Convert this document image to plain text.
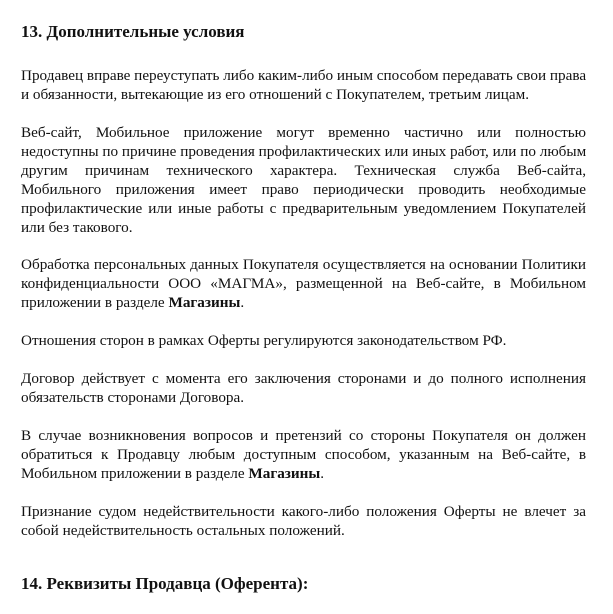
13. Дополнительные условия

Продавец вправе переуступать либо каким-либо иным способом передавать свои права
и обязанности, вытекающие из его отношений с Покупателем, третьим лицам.

Веб-сайт, Мобильное приложение могут временно частично или полностью
недоступны по причине проведения профилактических или иных работ, или по любым
другим причинам технического характера. Техническая служба Веб-сайта,
Мобильного приложения имеет право периодически проводить необходимые
профилактические или иные работы с предварительным уведомлением Покупателей
или без такового.

Обработка персональных данных Покупателя осуществляется на основании Политики
конфиденциальности ООО «МАГМА», размещенной на Веб-сайте, в Мобильном
приложении в разделе Магазины.

Отношения сторон в рамках Оферты регулируются законодательством РФ.

Договор действует с момента его заключения сторонами и до полного исполнения
обязательств сторонами Договора.

В случае возникновения вопросов и претензий со стороны Покупателя он должен
обратиться к Продавцу любым доступным способом, указанным на Веб-сайте, в
Мобильном приложении в разделе Магазины.

Признание судом недействительности какого-либо положения Оферты не влечет за
собой недействительность остальных положений.

14. Реквизиты Продавца (Оферента):
